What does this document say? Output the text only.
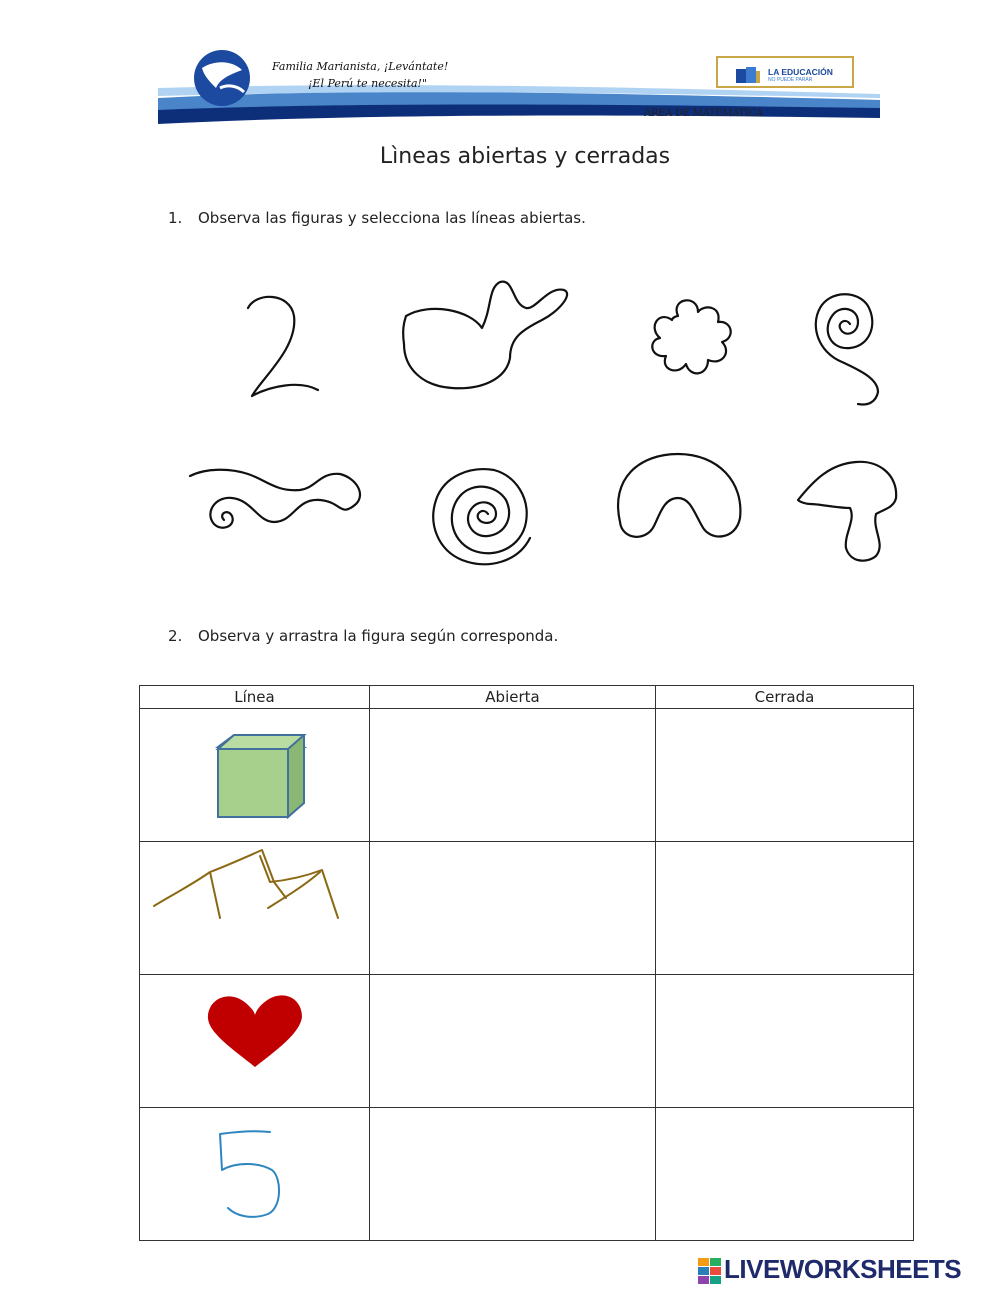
Familia Marianista, ¡Levántate!
¡El Perú te necesita!"
LA EDUCACIÓN
NO PUEDE PARAR
ÁREA DE MATEMÁTICA
Lìneas abiertas y cerradas
1. Observa las figuras y selecciona las líneas abiertas.
2. Observa y arrastra la figura según corresponda.
Línea	Abierta	Cerrada

LIVEWORKSHEETS
